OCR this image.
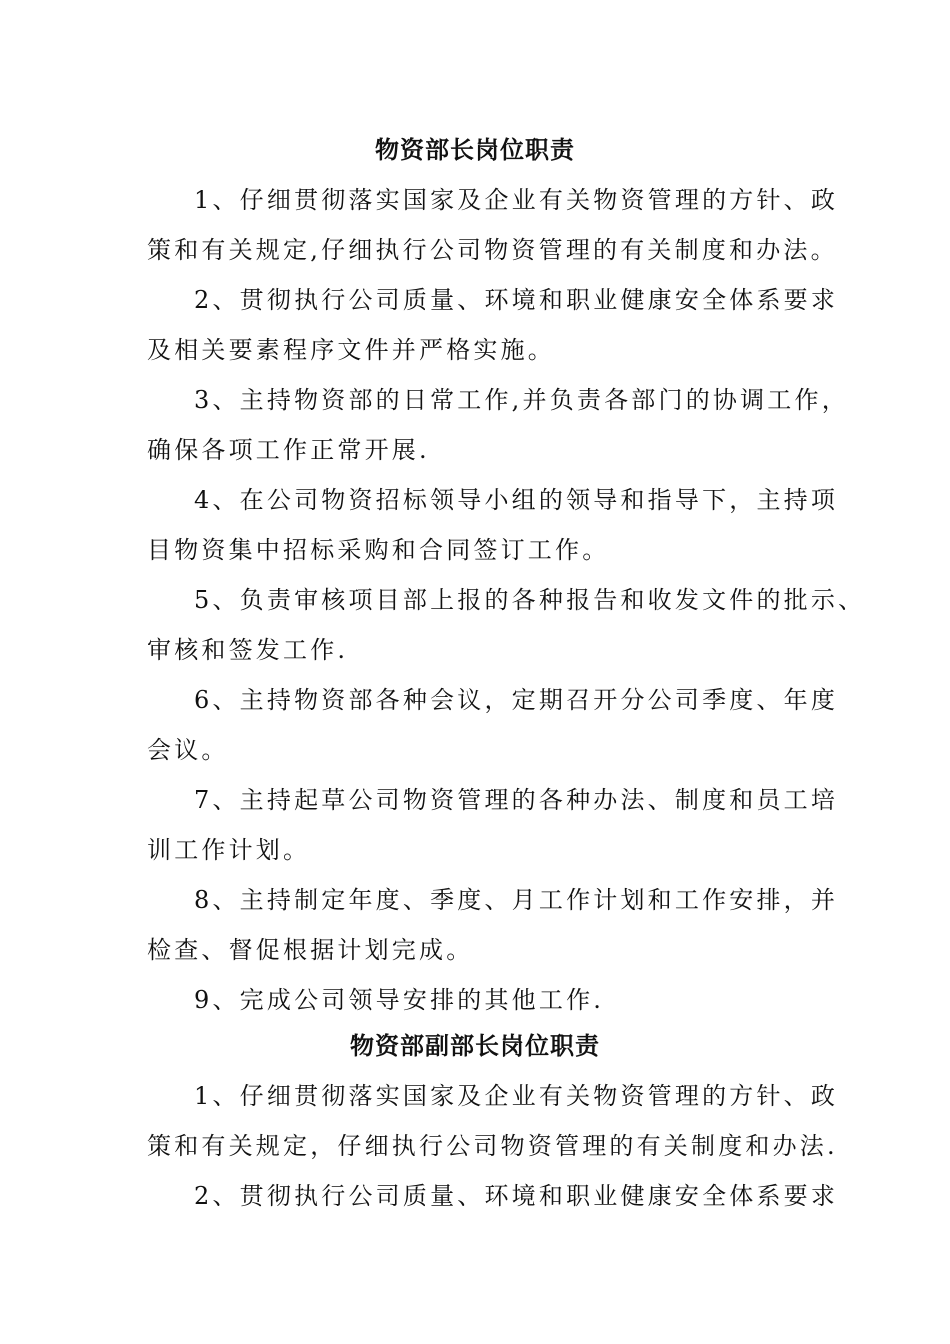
物资部长岗位职责
1、仔细贯彻落实国家及企业有关物资管理的方针、政
策和有关规定,仔细执行公司物资管理的有关制度和办法。
2、贯彻执行公司质量、环境和职业健康安全体系要求
及相关要素程序文件并严格实施。
3、主持物资部的日常工作,并负责各部门的协调工作，
确保各项工作正常开展.
4、在公司物资招标领导小组的领导和指导下，主持项
目物资集中招标采购和合同签订工作。
5、负责审核项目部上报的各种报告和收发文件的批示、
审核和签发工作.
6、主持物资部各种会议，定期召开分公司季度、年度
会议。
7、主持起草公司物资管理的各种办法、制度和员工培
训工作计划。
8、主持制定年度、季度、月工作计划和工作安排，并
检查、督促根据计划完成。
9、完成公司领导安排的其他工作.
物资部副部长岗位职责
1、仔细贯彻落实国家及企业有关物资管理的方针、政
策和有关规定，仔细执行公司物资管理的有关制度和办法.
2、贯彻执行公司质量、环境和职业健康安全体系要求
